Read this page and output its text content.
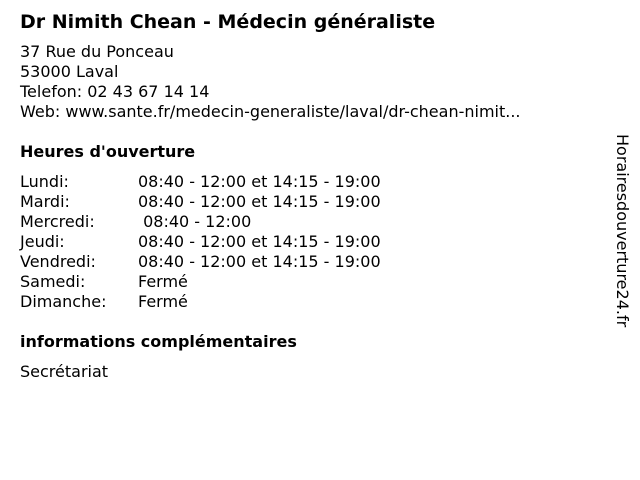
Dr Nimith Chean - Médecin généraliste
37 Rue du Ponceau
53000 Laval
Telefon: 02 43 67 14 14
Web: www.sante.fr/medecin-generaliste/laval/dr-chean-nimit...
Heures d'ouverture
Lundi:	08:40 - 12:00 et 14:15 - 19:00
Mardi:	08:40 - 12:00 et 14:15 - 19:00
Mercredi:	08:40 - 12:00
Jeudi:	08:40 - 12:00 et 14:15 - 19:00
Vendredi:	08:40 - 12:00 et 14:15 - 19:00
Samedi:	Fermé
Dimanche:	Fermé
informations complémentaires
Secrétariat
Horairesdouverture24.fr
